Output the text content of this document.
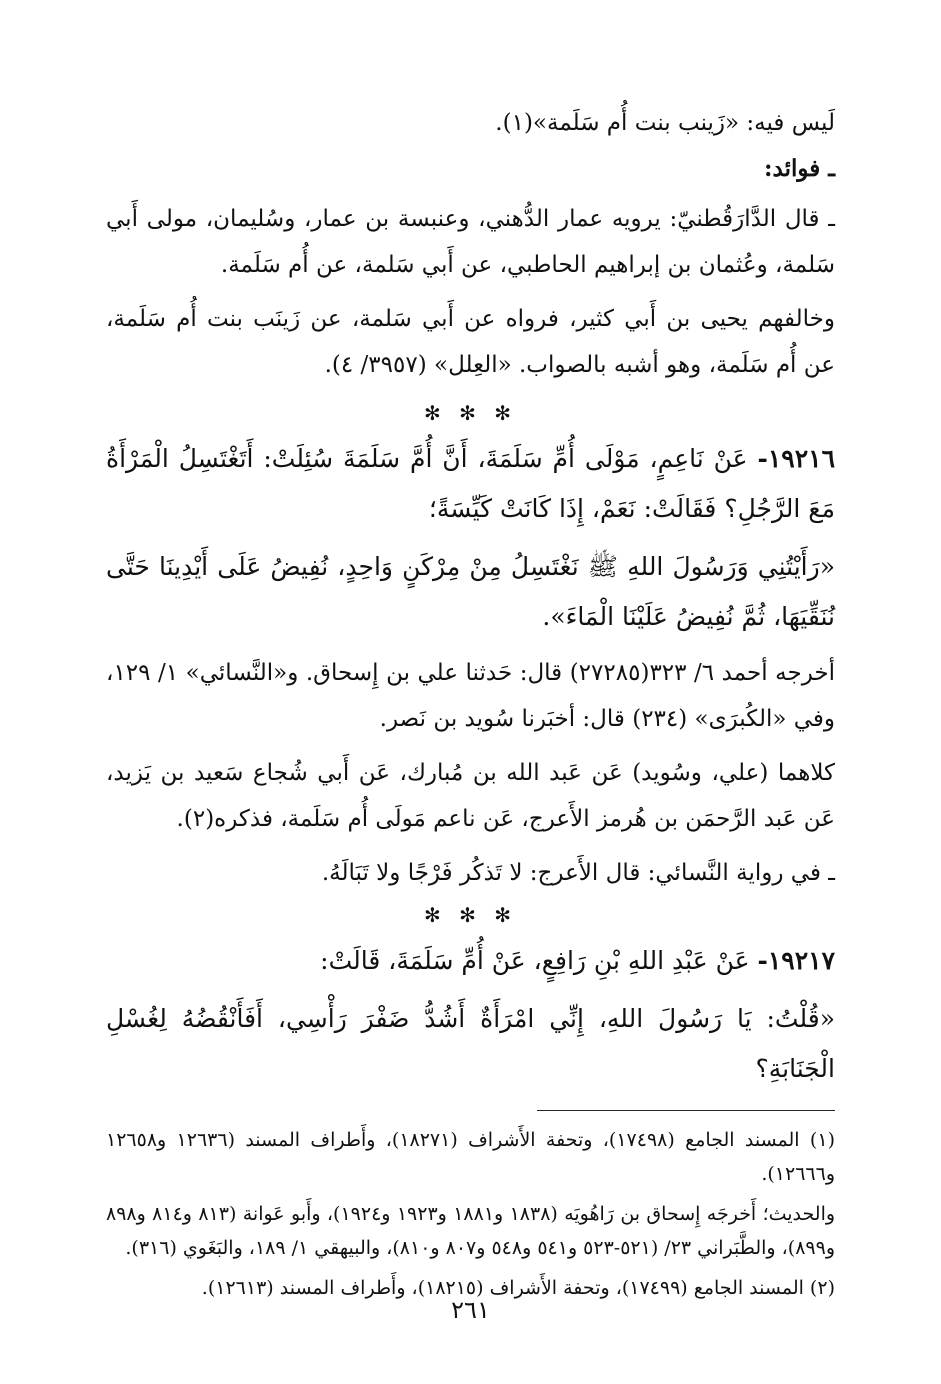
لَيس فيه: «زَينب بنت أُم سَلَمة»(١).

ـ فوائد:

ـ قال الدَّارَقُطنيّ: يرويه عمار الدُّهني، وعنبسة بن عمار، وسُليمان، مولى أَبي سَلمة، وعُثمان بن إبراهيم الحاطبي، عن أَبي سَلمة، عن أُم سَلَمة.

وخالفهم يحيى بن أَبي كثير، فرواه عن أَبي سَلمة، عن زَينَب بنت أُم سَلَمة، عن أُم سَلَمة، وهو أشبه بالصواب. «العِلل» (٣٩٥٧/ ٤).

✻ ✻ ✻

١٩٢١٦- عَنْ نَاعِمٍ، مَوْلَى أُمِّ سَلَمَةَ، أَنَّ أُمَّ سَلَمَةَ سُئِلَتْ: أَتَغْتَسِلُ الْمَرْأَةُ مَعَ الرَّجُلِ؟ فَقَالَتْ: نَعَمْ، إِذَا كَانَتْ كَيِّسَةً؛

«رَأَيْتُنِي وَرَسُولَ اللهِ ﷺ نَغْتَسِلُ مِنْ مِرْكَنٍ وَاحِدٍ، نُفِيضُ عَلَى أَيْدِينَا حَتَّى نُنَقِّيَهَا، ثُمَّ نُفِيضُ عَلَيْنَا الْمَاءَ».

أخرجه أحمد ٦/ ٣٢٣(٢٧٢٨٥) قال: حَدثنا علي بن إِسحاق. و«النَّسائي» ١/ ١٢٩، وفي «الكُبرَى» (٢٣٤) قال: أخبَرنا سُويد بن نَصر.

كلاهما (علي، وسُويد) عَن عَبد الله بن مُبارك، عَن أَبي شُجاع سَعيد بن يَزيد، عَن عَبد الرَّحمَن بن هُرمز الأَعرج، عَن ناعم مَولَى أُم سَلَمة، فذكره(٢).

ـ في رواية النَّسائي: قال الأَعرج: لا تَذكُر فَرْجًا ولا تَبَالَهُ.

✻ ✻ ✻

١٩٢١٧- عَنْ عَبْدِ اللهِ بْنِ رَافِعٍ، عَنْ أُمِّ سَلَمَةَ، قَالَتْ:

«قُلْتُ: يَا رَسُولَ اللهِ، إِنِّي امْرَأَةٌ أَشُدُّ ضَفْرَ رَأْسِي، أَفَأَنْقُضُهُ لِغُسْلِ الْجَنَابَةِ؟

(١) المسند الجامع (١٧٤٩٨)، وتحفة الأَشراف (١٨٢٧١)، وأَطراف المسند (١٢٦٣٦ و١٢٦٥٨ و١٢٦٦٦).

والحديث؛ أَخرجَه إِسحاق بن رَاهُويَه (١٨٣٨ و١٨٨١ و١٩٢٣ و١٩٢٤)، وأَبو عَوانة (٨١٣ و٨١٤ و٨٩٨ و٨٩٩)، والطَّبَراني ٢٣/ (٥٢١-٥٢٣ و٥٤١ و٥٤٨ و٨٠٧ و٨١٠)، والبيهقي ١/ ١٨٩، والبَغَوي (٣١٦).

(٢) المسند الجامع (١٧٤٩٩)، وتحفة الأَشراف (١٨٢١٥)، وأَطراف المسند (١٢٦١٣).

٢٦١
